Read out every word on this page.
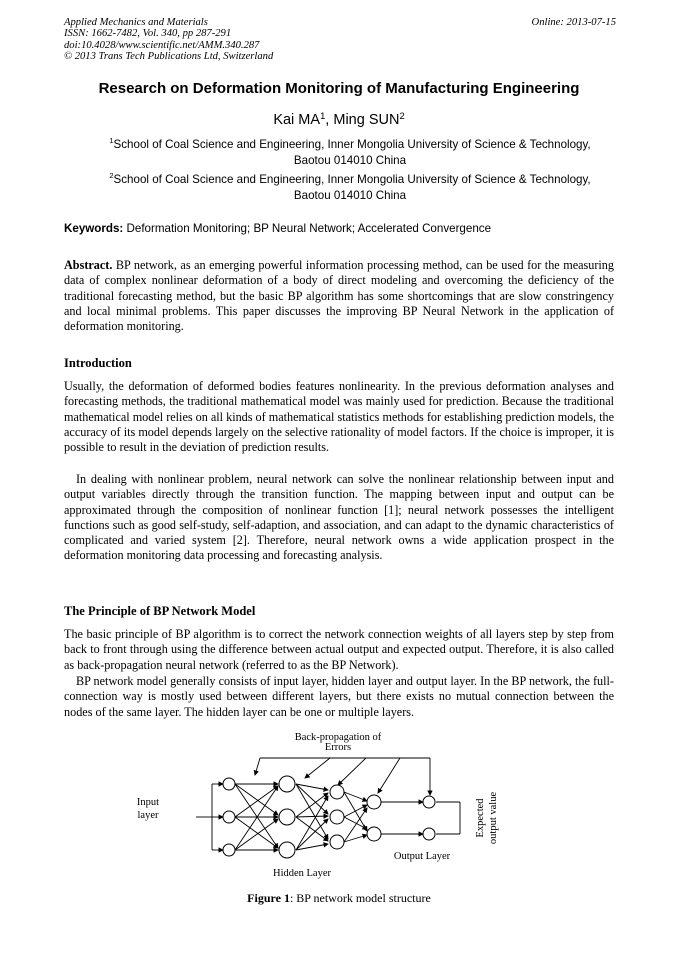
Applied Mechanics and Materials
ISSN: 1662-7482, Vol. 340, pp 287-291
doi:10.4028/www.scientific.net/AMM.340.287
© 2013 Trans Tech Publications Ltd, Switzerland
Online: 2013-07-15
Research on Deformation Monitoring of Manufacturing Engineering
Kai $MA^1$, Ming SUN$^2$
$^1$School of Coal Science and Engineering, Inner Mongolia University of Science & Technology,
Baotou 014010 China
$^2$School of Coal Science and Engineering, Inner Mongolia University of Science & Technology,
Baotou 014010 China
Keywords: Deformation Monitoring; BP Neural Network; Accelerated Convergence
Abstract. BP network, as an emerging powerful information processing method, can be used for the measuring data of complex nonlinear deformation of a body of direct modeling and overcoming the deficiency of the traditional forecasting method, but the basic BP algorithm has some shortcomings that are slow constringency and local minimal problems. This paper discusses the improving BP Neural Network in the application of deformation monitoring.
Introduction
Usually, the deformation of deformed bodies features nonlinearity. In the previous deformation analyses and forecasting methods, the traditional mathematical model was mainly used for prediction. Because the traditional mathematical model relies on all kinds of mathematical statistics methods for establishing prediction models, the accuracy of its model depends largely on the selective rationality of model factors. If the choice is improper, it is possible to result in the deviation of prediction results.
In dealing with nonlinear problem, neural network can solve the nonlinear relationship between input and output variables directly through the transition function. The mapping between input and output can be approximated through the composition of nonlinear function [1]; neural network possesses the intelligent functions such as good self-study, self-adaption, and association, and can adapt to the dynamic characteristics of complicated and varied system [2]. Therefore, neural network owns a wide application prospect in the deformation monitoring data processing and forecasting analysis.
The Principle of BP Network Model
The basic principle of BP algorithm is to correct the network connection weights of all layers step by step from back to front through using the difference between actual output and expected output. Therefore, it is also called as back-propagation neural network (referred to as the BP Network).
BP network model generally consists of input layer, hidden layer and output layer. In the BP network, the full-connection way is mostly used between different layers, but there exists no mutual connection between the nodes of the same layer. The hidden layer can be one or multiple layers.
Back-propagation of
Errors
Input
layer
Hidden Layer
Output Layer
Expected output value
Figure 1: BP network model structure
